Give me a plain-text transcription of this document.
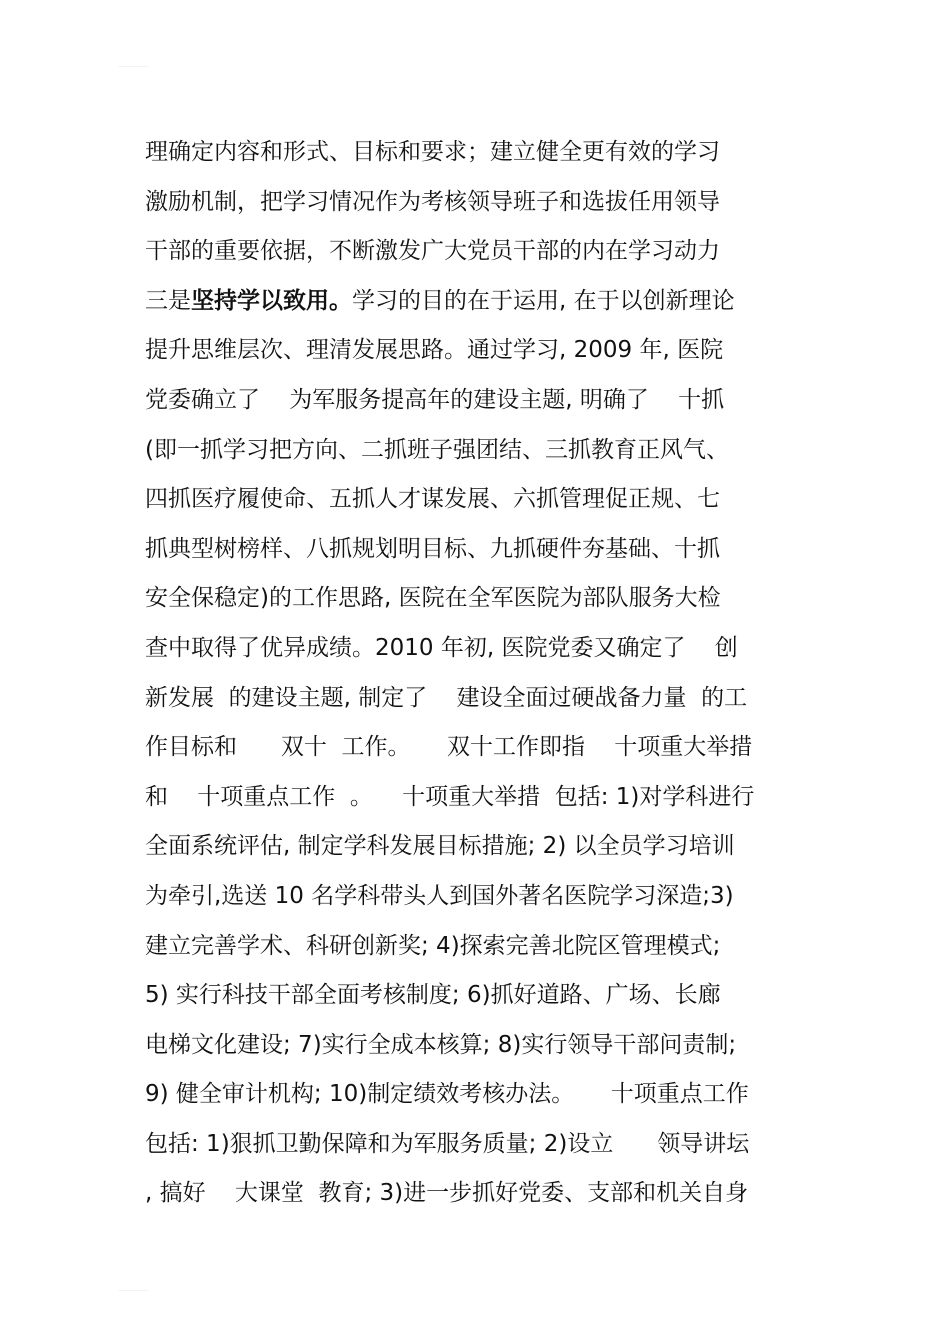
理确定内容和形式、目标和要求；建立健全更有效的学习
激励机制，把学习情况作为考核领导班子和选拔任用领导
干部的重要依据，不断激发广大党员干部的内在学习动力
三是坚持学以致用。学习的目的在于运用, 在于以创新理论
提升思维层次、理清发展思路。通过学习, 2009 年, 医院
党委确立了    为军服务提高年的建设主题, 明确了    十抓
(即一抓学习把方向、二抓班子强团结、三抓教育正风气、
四抓医疗履使命、五抓人才谋发展、六抓管理促正规、七
抓典型树榜样、八抓规划明目标、九抓硬件夯基础、十抓
安全保稳定)的工作思路, 医院在全军医院为部队服务大检
查中取得了优异成绩。2010 年初, 医院党委又确定了    创
新发展  的建设主题, 制定了    建设全面过硬战备力量  的工
作目标和      双十  工作。     双十工作即指    十项重大举措
和    十项重点工作  。    十项重大举措  包括: 1)对学科进行
全面系统评估, 制定学科发展目标措施; 2) 以全员学习培训
为牵引,选送 10 名学科带头人到国外著名医院学习深造;3)
建立完善学术、科研创新奖; 4)探索完善北院区管理模式;
5) 实行科技干部全面考核制度; 6)抓好道路、广场、长廊
电梯文化建设; 7)实行全成本核算; 8)实行领导干部问责制;
9) 健全审计机构; 10)制定绩效考核办法。     十项重点工作
包括: 1)狠抓卫勤保障和为军服务质量; 2)设立      领导讲坛
, 搞好    大课堂  教育; 3)进一步抓好党委、支部和机关自身
